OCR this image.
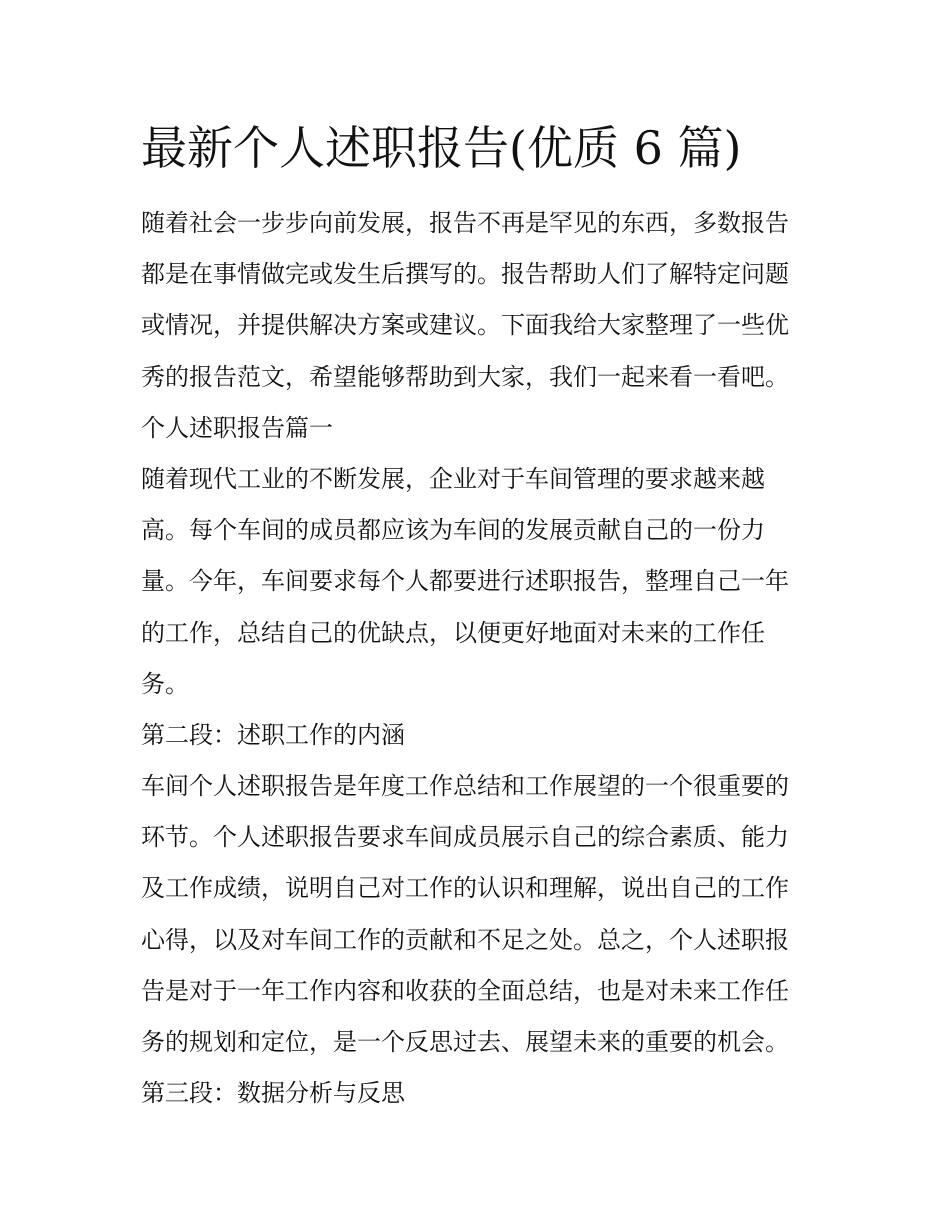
最新个人述职报告(优质 6 篇)
随着社会一步步向前发展，报告不再是罕见的东西，多数报告
都是在事情做完或发生后撰写的。报告帮助人们了解特定问题
或情况，并提供解决方案或建议。下面我给大家整理了一些优
秀的报告范文，希望能够帮助到大家，我们一起来看一看吧。
个人述职报告篇一
随着现代工业的不断发展，企业对于车间管理的要求越来越
高。每个车间的成员都应该为车间的发展贡献自己的一份力
量。今年，车间要求每个人都要进行述职报告，整理自己一年
的工作，总结自己的优缺点，以便更好地面对未来的工作任
务。
第二段：述职工作的内涵
车间个人述职报告是年度工作总结和工作展望的一个很重要的
环节。个人述职报告要求车间成员展示自己的综合素质、能力
及工作成绩，说明自己对工作的认识和理解，说出自己的工作
心得，以及对车间工作的贡献和不足之处。总之，个人述职报
告是对于一年工作内容和收获的全面总结，也是对未来工作任
务的规划和定位，是一个反思过去、展望未来的重要的机会。
第三段：数据分析与反思
